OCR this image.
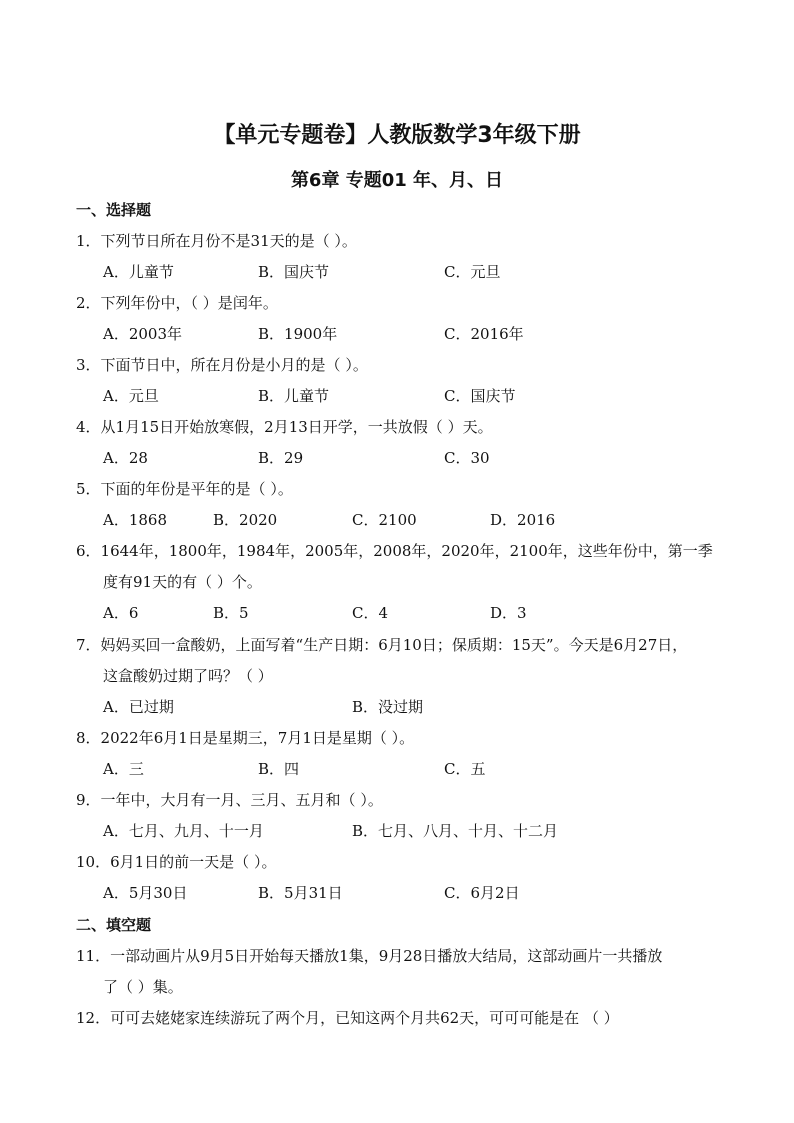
【单元专题卷】人教版数学3年级下册
第6章 专题01 年、月、日
一、选择题
1．下列节日所在月份不是31天的是（ ）。
A．儿童节	B．国庆节	C．元旦
2．下列年份中，（ ）是闰年。
A．2003年	B．1900年	C．2016年
3．下面节日中，所在月份是小月的是（ ）。
A．元旦	B．儿童节	C．国庆节
4．从1月15日开始放寒假，2月13日开学，一共放假（ ）天。
A．28	B．29	C．30
5．下面的年份是平年的是（ ）。
A．1868	B．2020	C．2100	D．2016
6．1644年，1800年，1984年，2005年，2008年，2020年，2100年，这些年份中，第一季
度有91天的有（ ）个。
A．6	B．5	C．4	D．3
7．妈妈买回一盒酸奶，上面写着“生产日期：6月10日；保质期：15天”。今天是6月27日，
这盒酸奶过期了吗？（ ）
A．已过期	B．没过期
8．2022年6月1日是星期三，7月1日是星期（ ）。
A．三	B．四	C．五
9．一年中，大月有一月、三月、五月和（ ）。
A．七月、九月、十一月	B．七月、八月、十月、十二月
10．6月1日的前一天是（ ）。
A．5月30日	B．5月31日	C．6月2日
二、填空题
11．一部动画片从9月5日开始每天播放1集，9月28日播放大结局，这部动画片一共播放
了（ ）集。
12．可可去姥姥家连续游玩了两个月，已知这两个月共62天，可可可能是在 （ ）
